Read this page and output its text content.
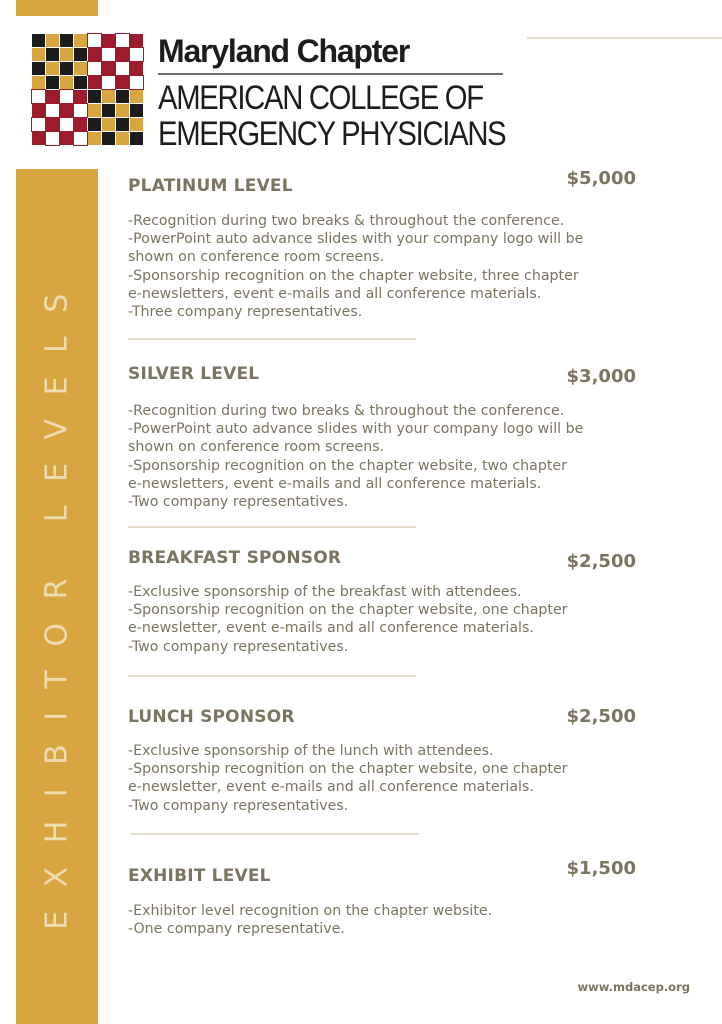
EXHIBITOR LEVELS
Maryland Chapter
AMERICAN COLLEGE OF
EMERGENCY PHYSICIANS
PLATINUM LEVEL	$5,000
-Recognition during two breaks & throughout the conference.
-PowerPoint auto advance slides with your company logo will be
shown on conference room screens.
-Sponsorship recognition on the chapter website, three chapter
e-newsletters, event e-mails and all conference materials.
-Three company representatives.
SILVER LEVEL	$3,000
-Recognition during two breaks & throughout the conference.
-PowerPoint auto advance slides with your company logo will be
shown on conference room screens.
-Sponsorship recognition on the chapter website, two chapter
e-newsletters, event e-mails and all conference materials.
-Two company representatives.
BREAKFAST SPONSOR	$2,500
-Exclusive sponsorship of the breakfast with attendees.
-Sponsorship recognition on the chapter website, one chapter
e-newsletter, event e-mails and all conference materials.
-Two company representatives.
LUNCH SPONSOR	$2,500
-Exclusive sponsorship of the lunch with attendees.
-Sponsorship recognition on the chapter website, one chapter
e-newsletter, event e-mails and all conference materials.
-Two company representatives.
EXHIBIT LEVEL	$1,500
-Exhibitor level recognition on the chapter website.
-One company representative.
www.mdacep.org
